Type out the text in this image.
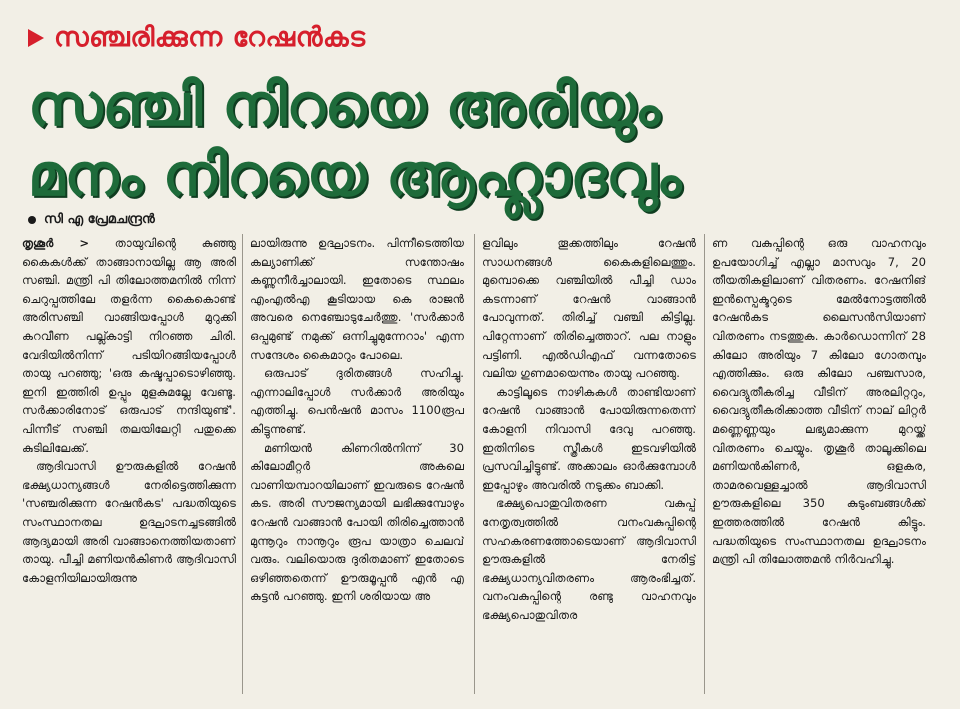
സഞ്ചരിക്കുന്ന റേഷൻകട
സഞ്ചി നിറയെ അരിയും
മനം നിറയെ ആഹ്ലാദവും
സി എ പ്രേമചന്ദ്രൻ

തൃശൂർ > തായുവിന്റെ കുഞ്ഞു കൈകൾക്ക് താങ്ങാനായില്ല ആ അരി സഞ്ചി. മന്ത്രി പി തിലോത്തമനിൽ നിന്ന് ചെറുപ്പത്തിലേ തളർന്ന കൈകൊണ്ട് അരിസഞ്ചി വാങ്ങിയപ്പോൾ മുറുക്കി കറവീണ പല്ല്കാട്ടി നിറഞ്ഞ ചിരി. വേദിയിൽനിന്ന് പടിയിറങ്ങിയപ്പോൾ തായു പറഞ്ഞു; 'ഒരു കഷ്ടപ്പാടൊഴിഞ്ഞു. ഇനി ഇത്തിരി ഉപ്പും മുളകുമല്ലേ വേണ്ടൂ. സർക്കാരിനോട് ഒരുപാട് നന്ദിയുണ്ട്'. പിന്നീട് സഞ്ചി തലയിലേറ്റി പതുക്കെ കുടിലിലേക്ക്.

ആദിവാസി ഊരുകളിൽ റേഷൻ ഭക്ഷ്യധാന്യങ്ങൾ നേരിട്ടെത്തിക്കുന്ന 'സഞ്ചരിക്കുന്ന റേഷൻകട' പദ്ധതിയുടെ സംസ്ഥാനതല ഉദ്ഘാടനച്ചടങ്ങിൽ ആദ്യമായി അരി വാങ്ങാനെത്തിയതാണ് തായു. പീച്ചി മണിയൻകിണർ ആദിവാസി കോളനിയിലായിരുന്നു

ലായിരുന്നു ഉദ്ഘാടനം. പിന്നീടെത്തിയ കല്യാണിക്ക് സന്തോഷം കണ്ണുനീർച്ചാലായി. ഇതോടെ സ്ഥലം എംഎൽഎ കൂടിയായ കെ രാജൻ അവരെ നെഞ്ചോടുചേർത്തു. 'സർക്കാർ ഒപ്പമുണ്ട് നമുക്ക് ഒന്നിച്ചുമുന്നേറാം' എന്ന സന്ദേശം കൈമാറും പോലെ.

ഒരുപാട് ദുരിതങ്ങൾ സഹിച്ചു. എന്നാലിപ്പോൾ സർക്കാർ അരിയും എത്തിച്ചു. പെൻഷൻ മാസം 1100രൂപ കിട്ടുന്നുണ്ട്.

മണിയൻ കിണറിൽനിന്ന് 30 കിലോമീറ്റർ അകലെ വാണിയമ്പാറയിലാണ് ഇവരുടെ റേഷൻ കട. അരി സൗജന്യമായി ലഭിക്കുമ്പോഴും റേഷൻ വാങ്ങാൻ പോയി തിരിച്ചെത്താൻ മുന്നൂറും നാനൂറും രൂപ യാത്രാ ചെലവ് വരും. വലിയൊരു ദുരിതമാണ് ഇതോടെ ഒഴിഞ്ഞതെന്ന് ഊരുമൂപ്പൻ എൻ എ കുട്ടൻ പറഞ്ഞു. ഇനി ശരിയായ അ

ളവിലും തൂക്കത്തിലും റേഷൻ സാധനങ്ങൾ കൈകളിലെത്തും. മുമ്പൊക്കെ വഞ്ചിയിൽ പീച്ചി ഡാം കടന്നാണ് റേഷൻ വാങ്ങാൻ പോവുന്നത്. തിരിച്ച് വഞ്ചി കിട്ടില്ല. പിറ്റേന്നാണ് തിരിച്ചെത്താറ്. പല നാളും പട്ടിണി. എൽഡിഎഫ് വന്നതോടെ വലിയ ഗുണമായെന്നും തായു പറഞ്ഞു.

കാട്ടിലൂടെ നാഴികകൾ താണ്ടിയാണ് റേഷൻ വാങ്ങാൻ പോയിരുന്നതെന്ന് കോളനി നിവാസി ദേവു പറഞ്ഞു. ഇതിനിടെ സ്ത്രീകൾ ഇടവഴിയിൽ പ്രസവിച്ചിട്ടുണ്ട്. അക്കാലം ഓർക്കുമ്പോൾ ഇപ്പോഴും അവരിൽ നടുക്കം ബാക്കി.

ഭക്ഷ്യപൊതുവിതരണ വകുപ്പ് നേതൃത്വത്തിൽ വനംവകുപ്പിന്റെ സഹകരണത്തോടെയാണ് ആദിവാസി ഊരുകളിൽ നേരിട്ട് ഭക്ഷ്യധാന്യവിതരണം ആരംഭിച്ചത്. വനംവകുപ്പിന്റെ രണ്ടു വാഹനവും ഭക്ഷ്യപൊതുവിതര

ണ വകുപ്പിന്റെ ഒരു വാഹനവും ഉപയോഗിച്ച് എല്ലാ മാസവും 7, 20 തീയതികളിലാണ് വിതരണം. റേഷനിങ് ഇൻസ്പെക്ടറുടെ മേൽനോട്ടത്തിൽ റേഷൻകട ലൈസൻസിയാണ് വിതരണം നടത്തുക. കാർഡൊന്നിന് 28 കിലോ അരിയും 7 കിലോ ഗോതമ്പും എത്തിക്കും. ഒരു കിലോ പഞ്ചസാര, വൈദ്യുതീകരിച്ച വീടിന് അരലിറ്ററും, വൈദ്യുതീകരിക്കാത്ത വീടിന് നാല് ലിറ്റർ മണ്ണെണ്ണയും ലഭ്യമാക്കുന്ന മുറയ്ക്ക് വിതരണം ചെയ്യും. തൃശൂർ താലൂക്കിലെ മണിയൻകിണർ, ഒളകര, താമരവെള്ളച്ചാൽ ആദിവാസി ഊരുകളിലെ 350 കുടുംബങ്ങൾക്ക് ഇത്തരത്തിൽ റേഷൻ കിട്ടും. പദ്ധതിയുടെ സംസ്ഥാനതല ഉദ്ഘാടനം മന്ത്രി പി തിലോത്തമൻ നിർവഹിച്ചു.
